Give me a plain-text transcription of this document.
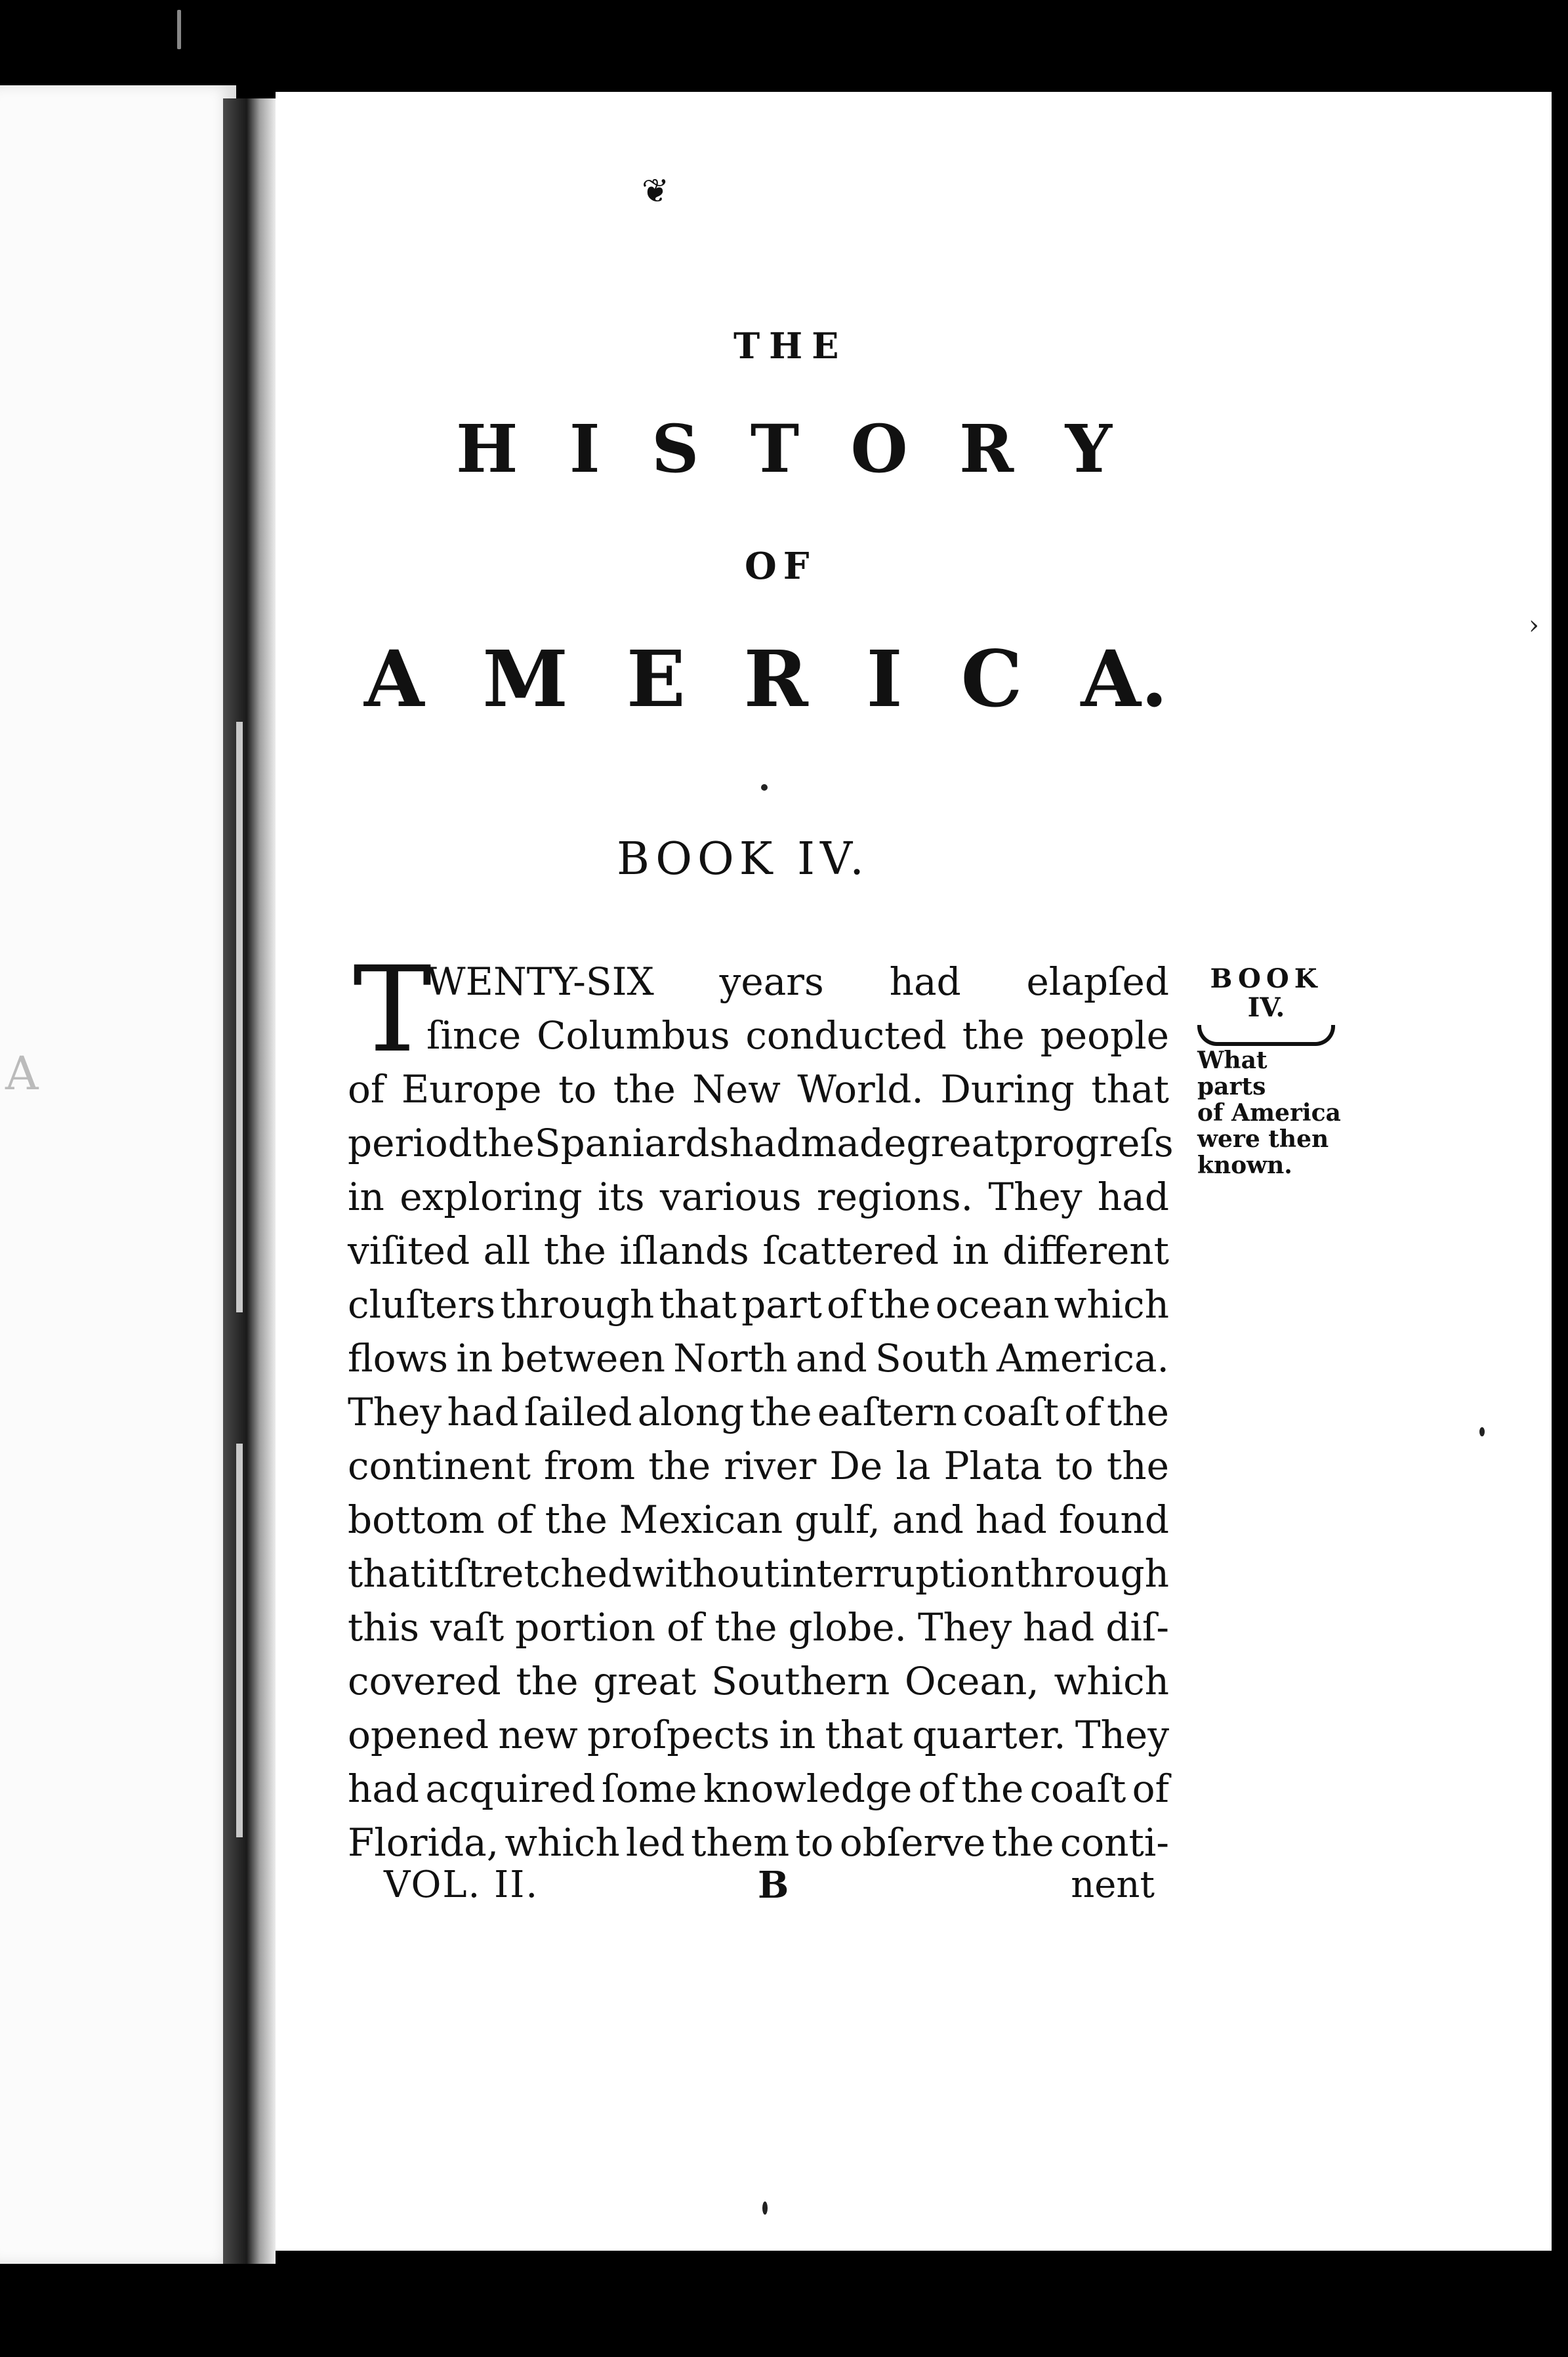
A
❦
THE
H I S T O R Y
OF
A M E R I C A.
BOOK IV.
BOOK
IV.
What parts
of America
were then
known.
T
WENTY-SIX years had elapſed
ſince Columbus conducted the people
of Europe to the New World. During that
period the Spaniards had made great progreſs
in exploring its various regions. They had
viſited all the iſlands ſcattered in different
cluſters through that part of the ocean which
flows in between North and South America.
They had ſailed along the eaſtern coaſt of the
continent from the river De la Plata to the
bottom of the Mexican gulf, and had found
that it ſtretched without interruption through
this vaſt portion of the globe. They had diſ-
covered the great Southern Ocean, which
opened new proſpects in that quarter. They
had acquired ſome knowledge of the coaſt of
Florida, which led them to obſerve the conti-
VOL. II.	B	nent
›
